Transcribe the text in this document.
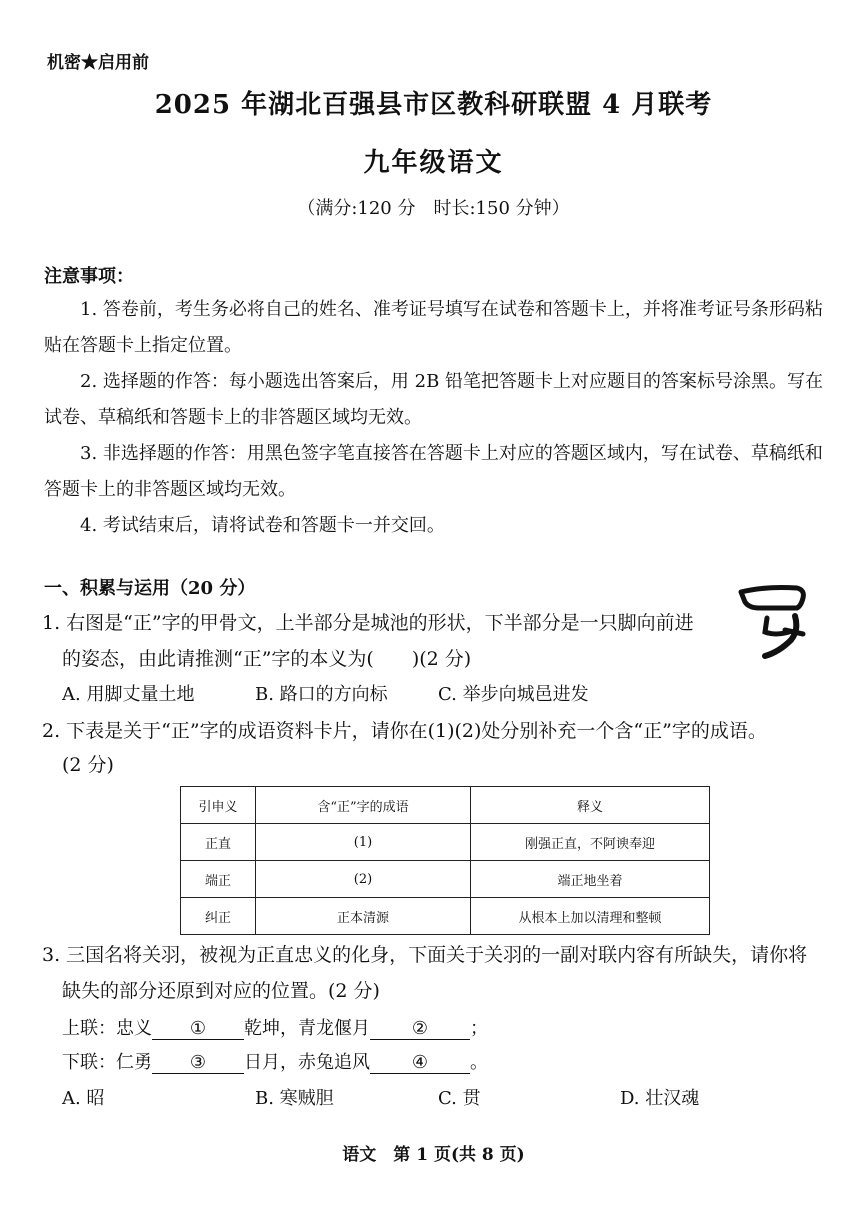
机密★启用前
2025 年湖北百强县市区教科研联盟 4 月联考
九年级语文
（满分:120 分　时长:150 分钟）
注意事项：
1. 答卷前，考生务必将自己的姓名、准考证号填写在试卷和答题卡上，并将准考证号条形码粘贴在答题卡上指定位置。
2. 选择题的作答：每小题选出答案后，用 2B 铅笔把答题卡上对应题目的答案标号涂黑。写在试卷、草稿纸和答题卡上的非答题区域均无效。
3. 非选择题的作答：用黑色签字笔直接答在答题卡上对应的答题区域内，写在试卷、草稿纸和答题卡上的非答题区域均无效。
4. 考试结束后，请将试卷和答题卡一并交回。
一、积累与运用（20 分）
1. 右图是“正”字的甲骨文，上半部分是城池的形状，下半部分是一只脚向前进
的姿态，由此请推测“正”字的本义为(　　)(2 分)
A. 用脚丈量土地	B. 路口的方向标	C. 举步向城邑进发
2. 下表是关于“正”字的成语资料卡片，请你在(1)(2)处分别补充一个含“正”字的成语。
(2 分)
引申义	含“正”字的成语	释义
正直	(1)	刚强正直，不阿谀奉迎
端正	(2)	端正地坐着
纠正	正本清源	从根本上加以清理和整顿
3. 三国名将关羽，被视为正直忠义的化身，下面关于关羽的一副对联内容有所缺失，请你将
缺失的部分还原到对应的位置。(2 分)
上联：忠义 ① 乾坤，青龙偃月 ② ；
下联：仁勇 ③ 日月，赤兔追风 ④ 。
A. 昭	B. 寒贼胆	C. 贯	D. 壮汉魂
语文　第 1 页(共 8 页)
